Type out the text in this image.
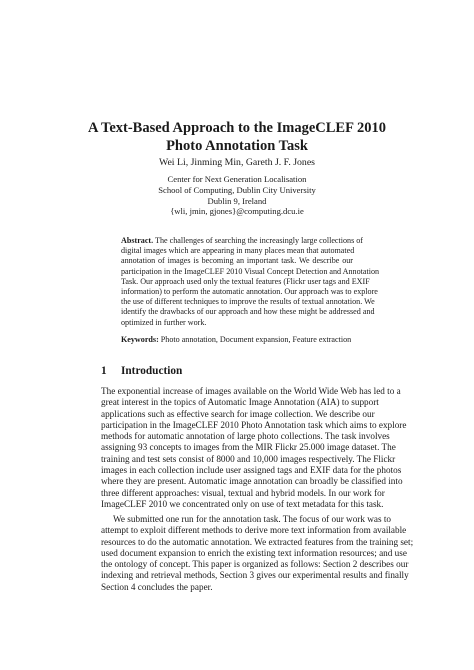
A Text-Based Approach to the ImageCLEF 2010
Photo Annotation Task
Wei Li, Jinming Min, Gareth J. F. Jones
Center for Next Generation Localisation
School of Computing, Dublin City University
Dublin 9, Ireland
{wli, jmin, gjones}@computing.dcu.ie
Abstract. The challenges of searching the increasingly large collections of
digital images which are appearing in many places mean that automated
annotation of images is becoming an important task. We describe our
participation in the ImageCLEF 2010 Visual Concept Detection and Annotation
Task. Our approach used only the textual features (Flickr user tags and EXIF
information) to perform the automatic annotation. Our approach was to explore
the use of different techniques to improve the results of textual annotation. We
identify the drawbacks of our approach and how these might be addressed and
optimized in further work.
Keywords: Photo annotation, Document expansion, Feature extraction
1 Introduction
The exponential increase of images available on the World Wide Web has led to a
great interest in the topics of Automatic Image Annotation (AIA) to support
applications such as effective search for image collection. We describe our
participation in the ImageCLEF 2010 Photo Annotation task which aims to explore
methods for automatic annotation of large photo collections. The task involves
assigning 93 concepts to images from the MIR Flickr 25.000 image dataset. The
training and test sets consist of 8000 and 10,000 images respectively. The Flickr
images in each collection include user assigned tags and EXIF data for the photos
where they are present. Automatic image annotation can broadly be classified into
three different approaches: visual, textual and hybrid models. In our work for
ImageCLEF 2010 we concentrated only on use of text metadata for this task.
We submitted one run for the annotation task. The focus of our work was to
attempt to exploit different methods to derive more text information from available
resources to do the automatic annotation. We extracted features from the training set;
used document expansion to enrich the existing text information resources; and use
the ontology of concept. This paper is organized as follows: Section 2 describes our
indexing and retrieval methods, Section 3 gives our experimental results and finally
Section 4 concludes the paper.
